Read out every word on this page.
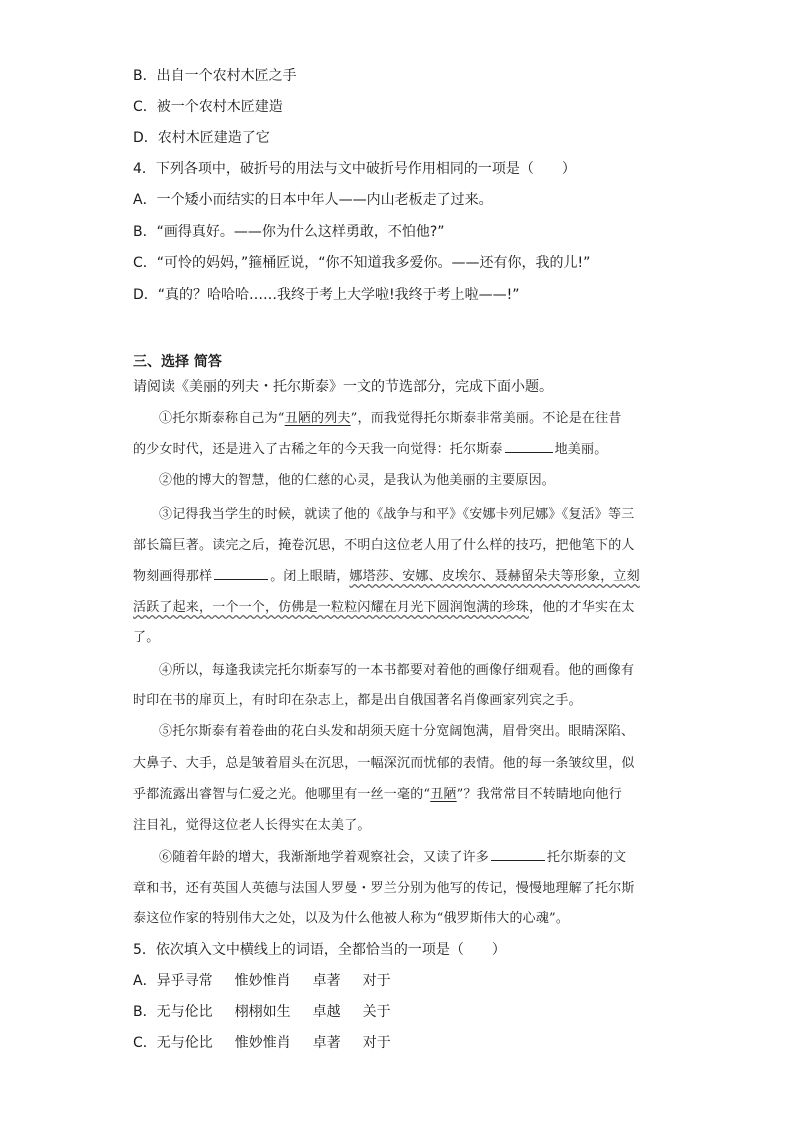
B．出自一个农村木匠之手
C．被一个农村木匠建造
D．农村木匠建造了它
4．下列各项中，破折号的用法与文中破折号作用相同的一项是（　　）
A．一个矮小而结实的日本中年人——内山老板走了过来。
B．“画得真好。——你为什么这样勇敢，不怕他?”
C．“可怜的妈妈，”箍桶匠说，“你不知道我多爱你。——还有你，我的儿!”
D．“真的？哈哈哈……我终于考上大学啦!我终于考上啦——!”
三、选择 简答
请阅读《美丽的列夫・托尔斯泰》一文的节选部分，完成下面小题。
①托尔斯泰称自己为“丑陋的列夫”，而我觉得托尔斯泰非常美丽。不论是在往昔
的少女时代，还是进入了古稀之年的今天我一向觉得：托尔斯泰	地美丽。
②他的博大的智慧，他的仁慈的心灵，是我认为他美丽的主要原因。
③记得我当学生的时候，就读了他的《战争与和平》《安娜卡列尼娜》《复活》等三
部长篇巨著。读完之后，掩卷沉思，不明白这位老人用了什么样的技巧，把他笔下的人
物刻画得那样	。闭上眼睛，娜塔莎、安娜、皮埃尔、聂赫留朵夫等形象，立刻
活跃了起来，一个一个，仿佛是一粒粒闪耀在月光下圆润饱满的珍珠，他的才华实在太
了。
④所以，每逢我读完托尔斯泰写的一本书都要对着他的画像仔细观看。他的画像有
时印在书的扉页上，有时印在杂志上，都是出自俄国著名肖像画家列宾之手。
⑤托尔斯泰有着卷曲的花白头发和胡须天庭十分宽阔饱满，眉骨突出。眼睛深陷、
大鼻子、大手，总是皱着眉头在沉思，一幅深沉而忧郁的表情。他的每一条皱纹里，似
乎都流露出睿智与仁爱之光。他哪里有一丝一毫的“丑陋”？我常常目不转睛地向他行
注目礼，觉得这位老人长得实在太美了。
⑥随着年龄的增大，我渐渐地学着观察社会，又读了许多	托尔斯泰的文
章和书，还有英国人英德与法国人罗曼・罗兰分别为他写的传记，慢慢地理解了托尔斯
泰这位作家的特别伟大之处，以及为什么他被人称为“俄罗斯伟大的心魂”。
5．依次填入文中横线上的词语，全都恰当的一项是（　　）
A．异乎寻常 惟妙惟肖 卓著 对于
B．无与伦比 栩栩如生 卓越 关于
C．无与伦比 惟妙惟肖 卓著 对于
